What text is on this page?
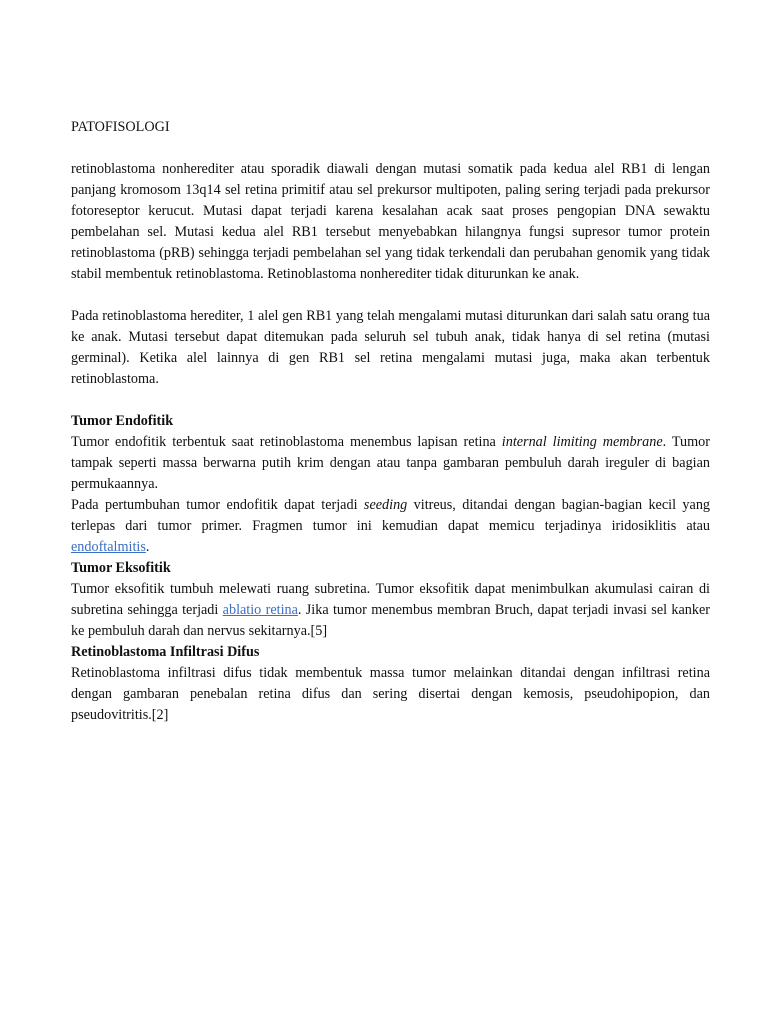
PATOFISOLOGI

retinoblastoma nonherediter atau sporadik diawali dengan mutasi somatik pada kedua alel RB1 di lengan panjang kromosom 13q14 sel retina primitif atau sel prekursor multipoten, paling sering terjadi pada prekursor fotoreseptor kerucut. Mutasi dapat terjadi karena kesalahan acak saat proses pengopian DNA sewaktu pembelahan sel. Mutasi kedua alel RB1 tersebut menyebabkan hilangnya fungsi supresor tumor protein retinoblastoma (pRB) sehingga terjadi pembelahan sel yang tidak terkendali dan perubahan genomik yang tidak stabil membentuk retinoblastoma. Retinoblastoma nonherediter tidak diturunkan ke anak.

Pada retinoblastoma herediter, 1 alel gen RB1 yang telah mengalami mutasi diturunkan dari salah satu orang tua ke anak. Mutasi tersebut dapat ditemukan pada seluruh sel tubuh anak, tidak hanya di sel retina (mutasi germinal). Ketika alel lainnya di gen RB1 sel retina mengalami mutasi juga, maka akan terbentuk retinoblastoma.

Tumor Endofitik

Tumor endofitik terbentuk saat retinoblastoma menembus lapisan retina internal limiting membrane. Tumor tampak seperti massa berwarna putih krim dengan atau tanpa gambaran pembuluh darah ireguler di bagian permukaannya.

Pada pertumbuhan tumor endofitik dapat terjadi seeding vitreus, ditandai dengan bagian-bagian kecil yang terlepas dari tumor primer. Fragmen tumor ini kemudian dapat memicu terjadinya iridosiklitis atau endoftalmitis.

Tumor Eksofitik

Tumor eksofitik tumbuh melewati ruang subretina. Tumor eksofitik dapat menimbulkan akumulasi cairan di subretina sehingga terjadi ablatio retina. Jika tumor menembus membran Bruch, dapat terjadi invasi sel kanker ke pembuluh darah dan nervus sekitarnya.[5]

Retinoblastoma Infiltrasi Difus

Retinoblastoma infiltrasi difus tidak membentuk massa tumor melainkan ditandai dengan infiltrasi retina dengan gambaran penebalan retina difus dan sering disertai dengan kemosis, pseudohipopion, dan pseudovitritis.[2]
